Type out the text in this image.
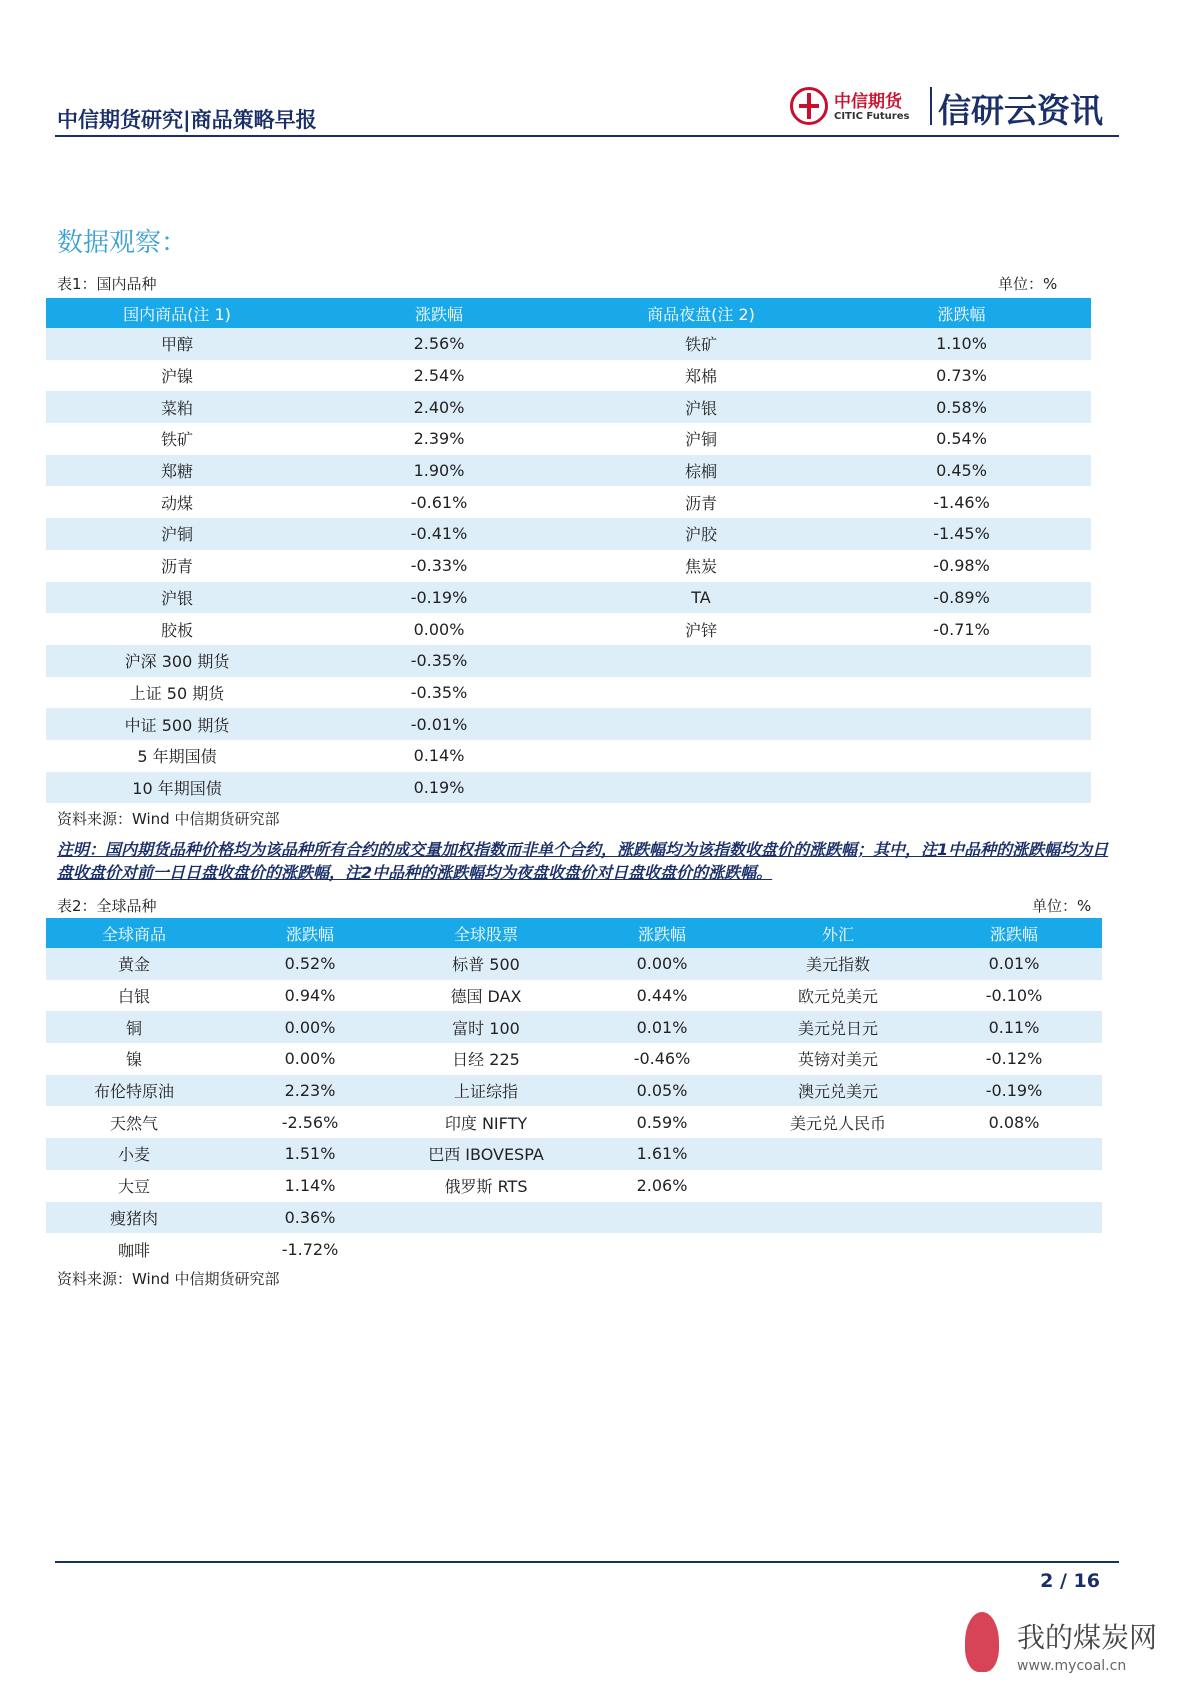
中信期货研究|商品策略早报
中信期货
CITIC Futures 信研云资讯
数据观察：
表1：国内品种	单位：%
国内商品(注 1)	涨跌幅	商品夜盘(注 2)	涨跌幅
甲醇	2.56%	铁矿	1.10%
沪镍	2.54%	郑棉	0.73%
菜粕	2.40%	沪银	0.58%
铁矿	2.39%	沪铜	0.54%
郑糖	1.90%	棕榈	0.45%
动煤	-0.61%	沥青	-1.46%
沪铜	-0.41%	沪胶	-1.45%
沥青	-0.33%	焦炭	-0.98%
沪银	-0.19%	TA	-0.89%
胶板	0.00%	沪锌	-0.71%
沪深 300 期货	-0.35%
上证 50 期货	-0.35%
中证 500 期货	-0.01%
5 年期国债	0.14%
10 年期国债	0.19%
资料来源：Wind 中信期货研究部
注明：国内期货品种价格均为该品种所有合约的成交量加权指数而非单个合约，涨跌幅均为该指数收盘价的涨跌幅；其中，注1中品种的涨跌幅均为日盘收盘价对前一日日盘收盘价的涨跌幅，注2中品种的涨跌幅均为夜盘收盘价对日盘收盘价的涨跌幅。
表2：全球品种	单位：%
全球商品	涨跌幅	全球股票	涨跌幅	外汇	涨跌幅
黄金	0.52%	标普 500	0.00%	美元指数	0.01%
白银	0.94%	德国 DAX	0.44%	欧元兑美元	-0.10%
铜	0.00%	富时 100	0.01%	美元兑日元	0.11%
镍	0.00%	日经 225	-0.46%	英镑对美元	-0.12%
布伦特原油	2.23%	上证综指	0.05%	澳元兑美元	-0.19%
天然气	-2.56%	印度 NIFTY	0.59%	美元兑人民币	0.08%
小麦	1.51%	巴西 IBOVESPA	1.61%
大豆	1.14%	俄罗斯 RTS	2.06%
瘦猪肉	0.36%
咖啡	-1.72%
资料来源：Wind 中信期货研究部
2 / 16
我的煤炭网
www.mycoal.cn
